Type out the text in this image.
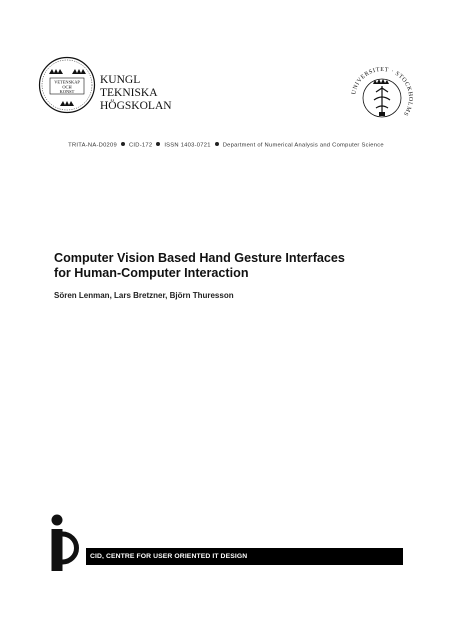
VETENSKAP
OCH
KONST
KUNGL
TEKNISKA
HÖGSKOLAN
UNIVERSITET · STOCKHOLMS
TRITA-NA-D0209 CID-172 ISSN 1403-0721 Department of Numerical Analysis and Computer Science
Computer Vision Based Hand Gesture Interfaces
for Human-Computer Interaction
Sören Lenman, Lars Bretzner, Björn Thuresson
CID, CENTRE FOR USER ORIENTED IT DESIGN
